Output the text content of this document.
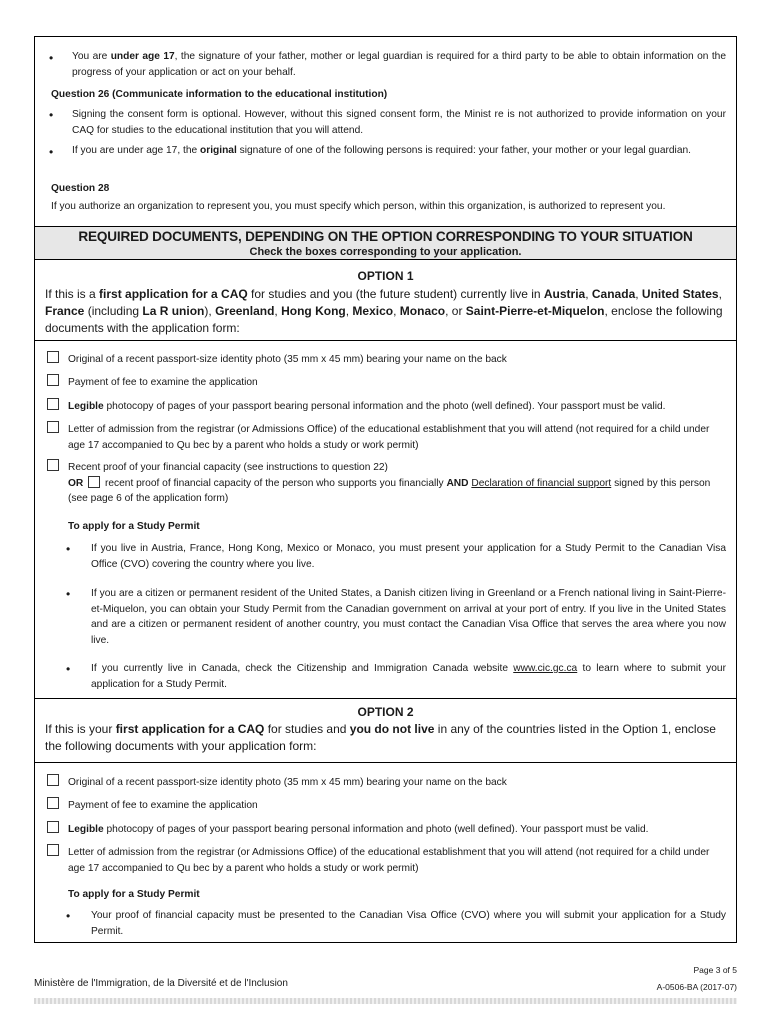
• You are under age 17, the signature of your father, mother or legal guardian is required for a third party to be able to obtain information on the progress of your application or act on your behalf.
Question 26 (Communicate information to the educational institution)
• Signing the consent form is optional. However, without this signed consent form, the Minist re is not authorized to provide information on your CAQ for studies to the educational institution that you will attend.
• If you are under age 17, the original signature of one of the following persons is required: your father, your mother or your legal guardian.
Question 28
If you authorize an organization to represent you, you must specify which person, within this organization, is authorized to represent you.
REQUIRED DOCUMENTS, DEPENDING ON THE OPTION CORRESPONDING TO YOUR SITUATION
Check the boxes corresponding to your application.
OPTION 1
If this is a first application for a CAQ for studies and you (the future student) currently live in Austria, Canada, United States, France (including La R union), Greenland, Hong Kong, Mexico, Monaco, or Saint-Pierre-et-Miquelon, enclose the following documents with the application form:
Original of a recent passport-size identity photo (35 mm x 45 mm) bearing your name on the back
Payment of fee to examine the application
Legible photocopy of pages of your passport bearing personal information and the photo (well defined). Your passport must be valid.
Letter of admission from the registrar (or Admissions Office) of the educational establishment that you will attend (not required for a child under age 17 accompanied to Qu bec by a parent who holds a study or work permit)
Recent proof of your financial capacity (see instructions to question 22)
OR  recent proof of financial capacity of the person who supports you financially AND Declaration of financial support signed by this person (see page 6 of the application form)
To apply for a Study Permit
• If you live in Austria, France, Hong Kong, Mexico or Monaco, you must present your application for a Study Permit to the Canadian Visa Office (CVO) covering the country where you live.
• If you are a citizen or permanent resident of the United States, a Danish citizen living in Greenland or a French national living in Saint-Pierre-et-Miquelon, you can obtain your Study Permit from the Canadian government on arrival at your port of entry. If you live in the United States and are a citizen or permanent resident of another country, you must contact the Canadian Visa Office that serves the area where you now live.
• If you currently live in Canada, check the Citizenship and Immigration Canada website www.cic.gc.ca to learn where to submit your application for a Study Permit.
OPTION 2
If this is your first application for a CAQ for studies and you do not live in any of the countries listed in the Option 1, enclose the following documents with your application form:
Original of a recent passport-size identity photo (35 mm x 45 mm) bearing your name on the back
Payment of fee to examine the application
Legible photocopy of pages of your passport bearing personal information and photo (well defined). Your passport must be valid.
Letter of admission from the registrar (or Admissions Office) of the educational establishment that you will attend (not required for a child under age 17 accompanied to Qu bec by a parent who holds a study or work permit)
To apply for a Study Permit
• Your proof of financial capacity must be presented to the Canadian Visa Office (CVO) where you will submit your application for a Study Permit.
Ministère de l'Immigration, de la Diversité et de l'Inclusion
Page 3 of 5
A-0506-BA (2017-07)
